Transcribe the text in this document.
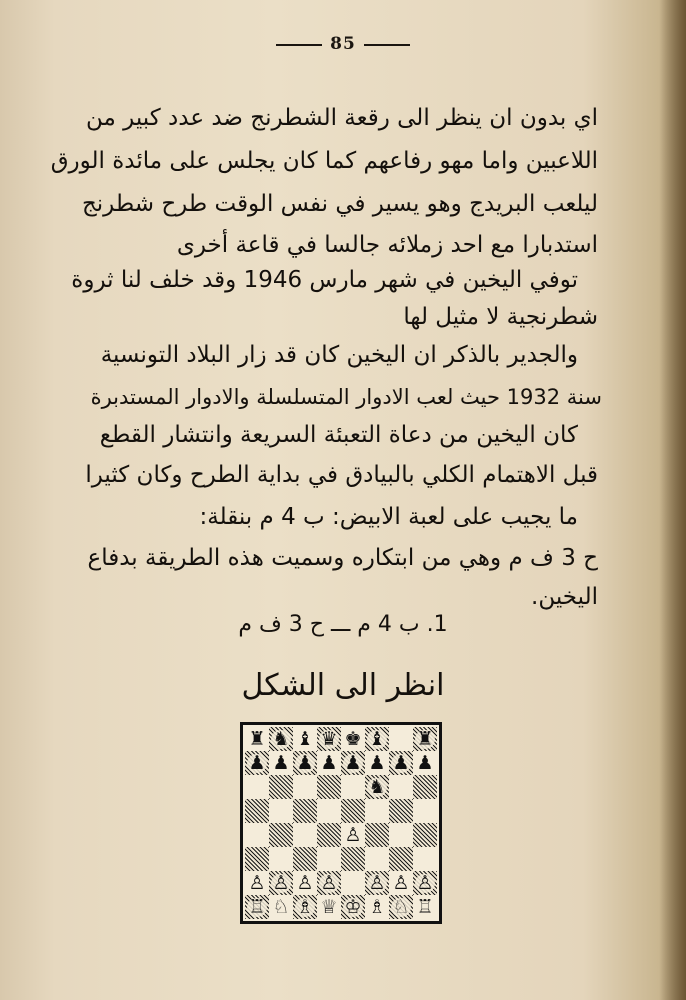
85
اي بدون ان ينظر الى رقعة الشطرنج ضد عدد كبير من
اللاعبين واما مهو رفاعهم كما كان يجلس على مائدة الورق
ليلعب البريدج وهو يسير في نفس الوقت طرح شطرنج
استدبارا مع احد زملائه جالسا في قاعة أخرى
توفي اليخين في شهر مارس 1946 وقد خلف لنا ثروة
شطرنجية لا مثيل لها
والجدير بالذكر ان اليخين كان قد زار البلاد التونسية
سنة 1932 حيث لعب الادوار المتسلسلة والادوار المستدبرة
كان اليخين من دعاة التعبئة السريعة وانتشار القطع
قبل الاهتمام الكلي بالبيادق في بداية الطرح وكان كثيرا
ما يجيب على لعبة الابيض: ب 4 م بنقلة:
ح 3 ف م وهي من ابتكاره وسميت هذه الطريقة بدفاع
اليخين.
1. ب 4 م ـــ ح 3 ف م
انظر الى الشكل
♜ ♞ ♝ ♛ ♚ ♝ ♜
♟ ♟ ♟ ♟ ♟ ♟ ♟ ♟
♞
♙
♙ ♙ ♙ ♙ ♙ ♙ ♙
♖ ♘ ♗ ♕ ♔ ♗ ♘ ♖
